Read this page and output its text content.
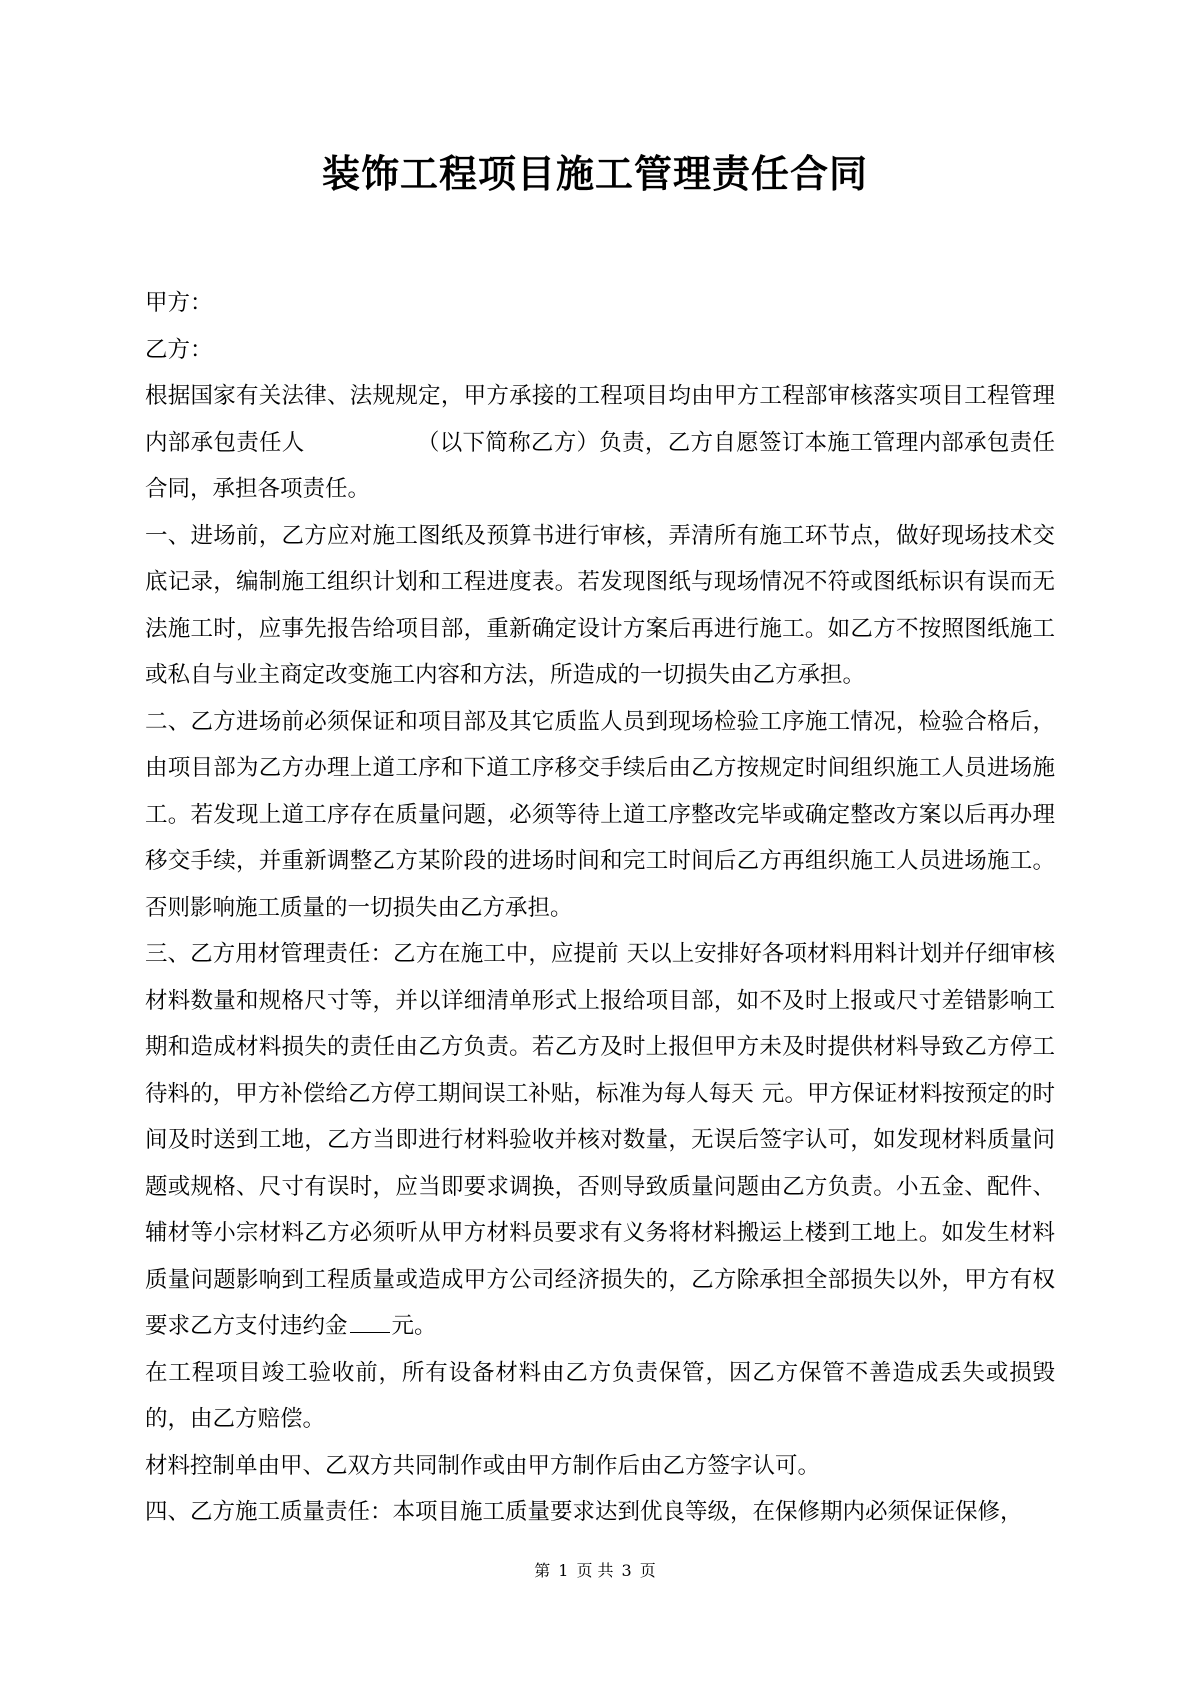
装饰工程项目施工管理责任合同

甲方：

乙方：

根据国家有关法律、法规规定，甲方承接的工程项目均由甲方工程部审核落实项目工程管理内部承包责任人	（以下简称乙方）负责，乙方自愿签订本施工管理内部承包责任合同，承担各项责任。

一、进场前，乙方应对施工图纸及预算书进行审核，弄清所有施工环节点，做好现场技术交底记录，编制施工组织计划和工程进度表。若发现图纸与现场情况不符或图纸标识有误而无法施工时，应事先报告给项目部，重新确定设计方案后再进行施工。如乙方不按照图纸施工或私自与业主商定改变施工内容和方法，所造成的一切损失由乙方承担。

二、乙方进场前必须保证和项目部及其它质监人员到现场检验工序施工情况，检验合格后，由项目部为乙方办理上道工序和下道工序移交手续后由乙方按规定时间组织施工人员进场施工。若发现上道工序存在质量问题，必须等待上道工序整改完毕或确定整改方案以后再办理移交手续，并重新调整乙方某阶段的进场时间和完工时间后乙方再组织施工人员进场施工。否则影响施工质量的一切损失由乙方承担。

三、乙方用材管理责任：乙方在施工中，应提前 天以上安排好各项材料用料计划并仔细审核材料数量和规格尺寸等，并以详细清单形式上报给项目部，如不及时上报或尺寸差错影响工期和造成材料损失的责任由乙方负责。若乙方及时上报但甲方未及时提供材料导致乙方停工待料的，甲方补偿给乙方停工期间误工补贴，标准为每人每天 元。甲方保证材料按预定的时间及时送到工地，乙方当即进行材料验收并核对数量，无误后签字认可，如发现材料质量问题或规格、尺寸有误时，应当即要求调换，否则导致质量问题由乙方负责。小五金、配件、辅材等小宗材料乙方必须听从甲方材料员要求有义务将材料搬运上楼到工地上。如发生材料质量问题影响到工程质量或造成甲方公司经济损失的，乙方除承担全部损失以外，甲方有权要求乙方支付违约金 元。

在工程项目竣工验收前，所有设备材料由乙方负责保管，因乙方保管不善造成丢失或损毁的，由乙方赔偿。

材料控制单由甲、乙双方共同制作或由甲方制作后由乙方签字认可。

四、乙方施工质量责任：本项目施工质量要求达到优良等级，在保修期内必须保证保修，

第 1 页 共 3 页
